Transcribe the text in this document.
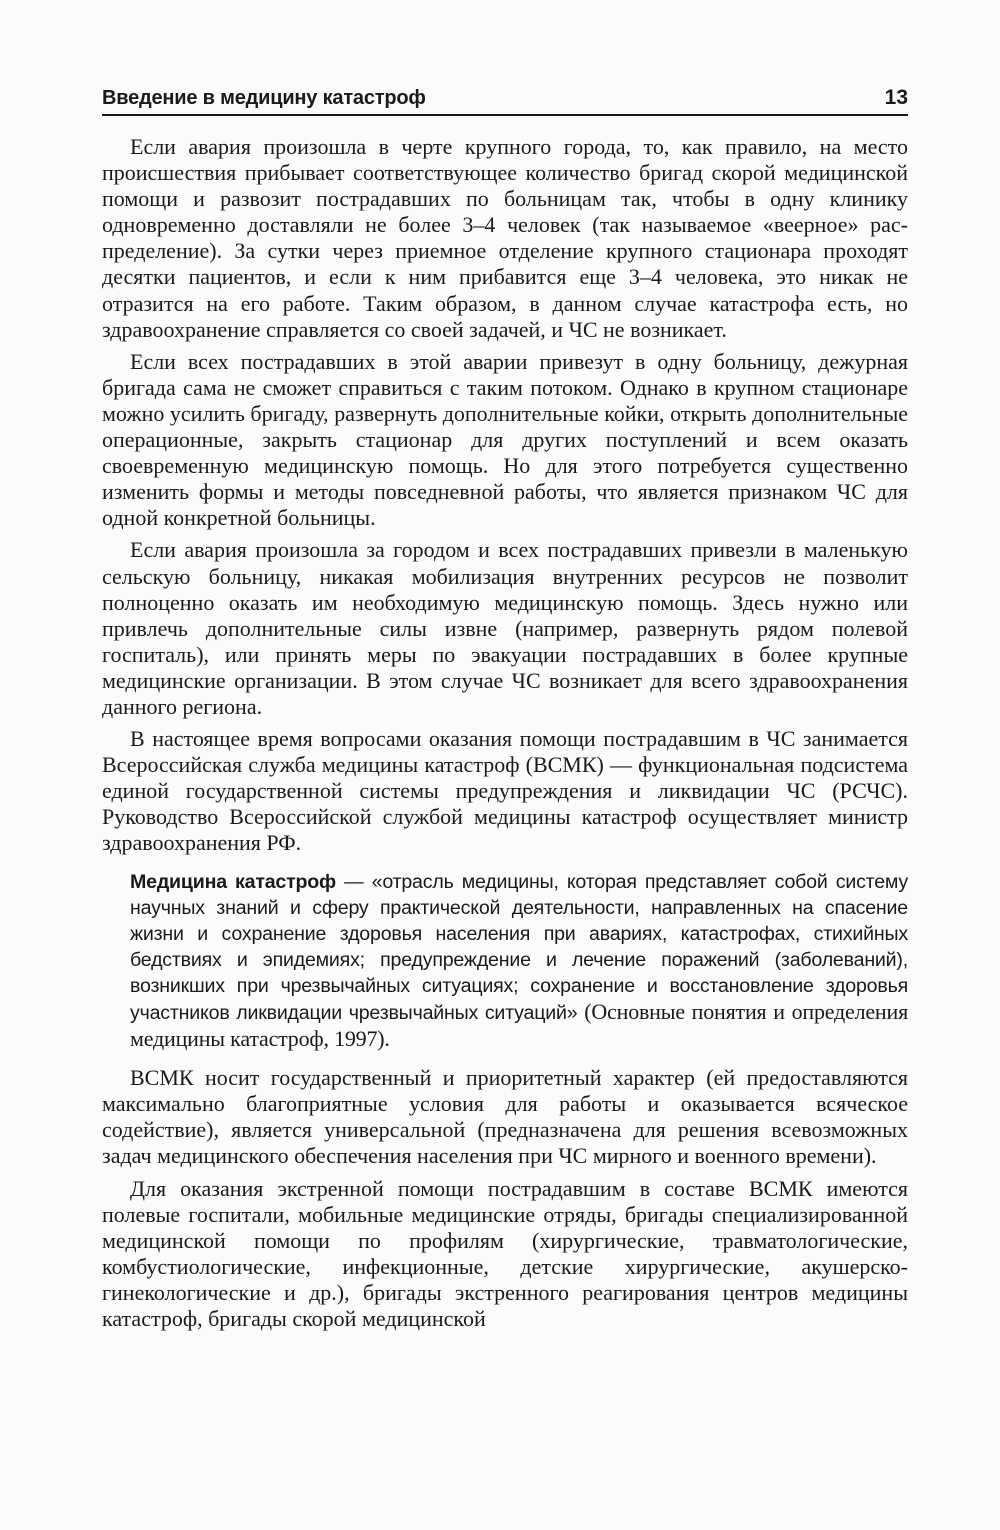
Введение в медицину катастроф	13

Если авария произошла в черте крупного города, то, как правило, на место происшествия прибывает соответствующее количество бригад скорой медицинской помощи и развозит пострадавших по больницам так, чтобы в одну клинику одновременно доставляли не более 3–4 человек (так называемое «веерное» распределение). За сутки через приемное отделение крупного стационара проходят десятки пациентов, и если к ним прибавится еще 3–4 человека, это никак не отразится на его работе. Таким образом, в данном случае катастрофа есть, но здравоохранение справляется со своей задачей, и ЧС не возникает.

Если всех пострадавших в этой аварии привезут в одну больницу, дежурная бригада сама не сможет справиться с таким потоком. Однако в крупном стационаре можно усилить бригаду, развернуть дополнительные койки, открыть дополнительные операционные, закрыть стационар для других поступлений и всем оказать своевременную медицинскую помощь. Но для этого потребуется существенно изменить формы и методы повседневной работы, что является признаком ЧС для одной конкретной больницы.

Если авария произошла за городом и всех пострадавших привезли в маленькую сельскую больницу, никакая мобилизация внутренних ресурсов не позволит полноценно оказать им необходимую медицинскую помощь. Здесь нужно или привлечь дополнительные силы извне (например, развернуть рядом полевой госпиталь), или принять меры по эвакуации пострадавших в более крупные медицинские организации. В этом случае ЧС возникает для всего здравоохранения данного региона.

В настоящее время вопросами оказания помощи пострадавшим в ЧС занимается Всероссийская служба медицины катастроф (ВСМК) — функциональная подсистема единой государственной системы предупреждения и ликвидации ЧС (РСЧС). Руководство Всероссийской службой медицины катастроф осуществляет министр здравоохранения РФ.

Медицина катастроф — «отрасль медицины, которая представляет собой систему научных знаний и сферу практической деятельности, направленных на спасение жизни и сохранение здоровья населения при авариях, катастрофах, стихийных бедствиях и эпидемиях; предупреждение и лечение поражений (заболеваний), возникших при чрезвычайных ситуациях; сохранение и восстановление здоровья участников ликвидации чрезвычайных ситуаций» (Основные понятия и определения медицины катастроф, 1997).

ВСМК носит государственный и приоритетный характер (ей предоставляются максимально благоприятные условия для работы и оказывается всяческое содействие), является универсальной (предназначена для решения всевозможных задач медицинского обеспечения населения при ЧС мирного и военного времени).

Для оказания экстренной помощи пострадавшим в составе ВСМК имеются полевые госпитали, мобильные медицинские отряды, бригады специализированной медицинской помощи по профилям (хирургические, травматологические, комбустиологические, инфекционные, детские хирургические, акушерско-гинекологические и др.), бригады экстренного реагирования центров медицины катастроф, бригады скорой медицинской
